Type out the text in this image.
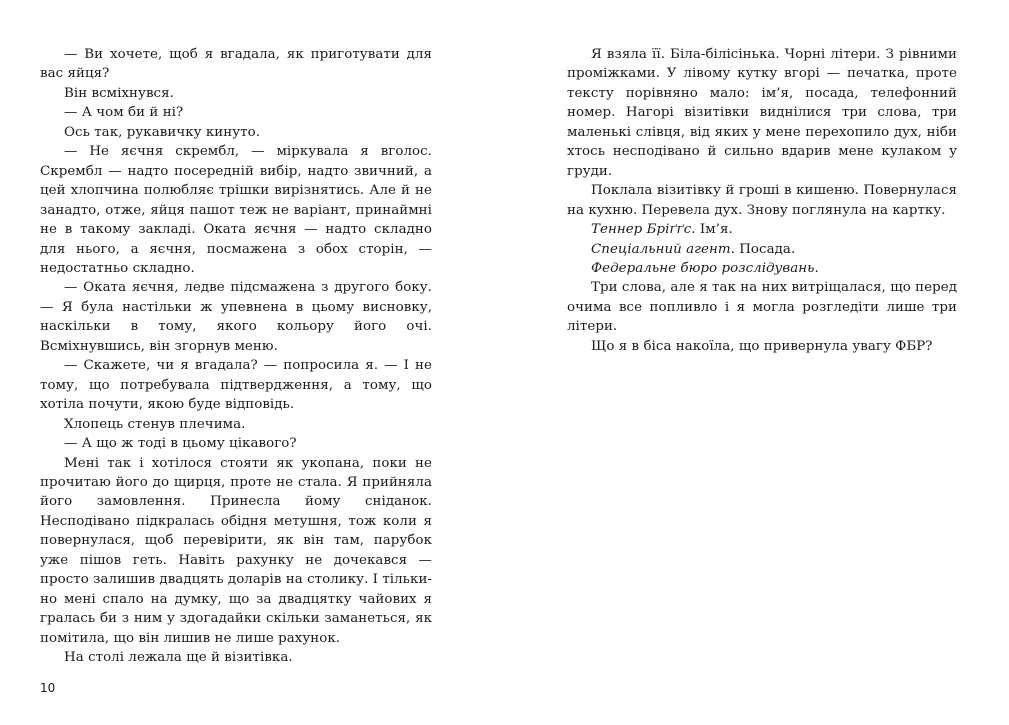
— Ви хочете, щоб я вгадала, як приготувати для вас яйця?

Він всміхнувся.

— А чом би й ні?

Ось так, рукавичку кинуто.

— Не яєчня скрембл, — міркувала я вголос. Скрембл — надто посередній вибір, надто звичний, а цей хлопчина полюбляє трішки вирізнятись. Але й не занадто, отже, яйця пашот теж не варіант, принаймні не в такому закладі. Оката яєчня — надто складно для нього, а яєчня, посмажена з обох сторін, — недостатньо складно.

— Оката яєчня, ледве підсмажена з другого боку. — Я була настільки ж упевнена в цьому висновку, наскільки в тому, якого кольору його очі. Всміхнувшись, він згорнув меню.

— Скажете, чи я вгадала? — попросила я. — І не тому, що потребувала підтвердження, а тому, що хотіла почути, якою буде відповідь.

Хлопець стенув плечима.

— А що ж тоді в цьому цікавого?

Мені так і хотілося стояти як укопана, поки не прочитаю його до щирця, проте не стала. Я прийняла його замовлення. Принесла йому сніданок. Несподівано підкралась обідня метушня, тож коли я повернулася, щоб перевірити, як він там, парубок уже пішов геть. Навіть рахунку не дочекався — просто залишив двадцять доларів на столику. І тільки-но мені спало на думку, що за двадцятку чайових я гралась би з ним у здогадайки скільки заманеться, як помітила, що він лишив не лише рахунок.

На столі лежала ще й візитівка.

Я взяла її. Біла-білісінька. Чорні літери. З рівними проміжками. У лівому кутку вгорі — печатка, проте тексту порівняно мало: ім’я, посада, телефонний номер. Нагорі візитівки виднілися три слова, три маленькі слівця, від яких у мене перехопило дух, ніби хтось несподівано й сильно вдарив мене кулаком у груди.

Поклала візитівку й гроші в кишеню. Повернулася на кухню. Перевела дух. Знову поглянула на картку.

Теннер Бріґґс. Ім’я.

Спеціальний агент. Посада.

Федеральне бюро розслідувань.

Три слова, але я так на них витріщалася, що перед очима все попливло і я могла розгледіти лише три літери.

Що я в біса накоїла, що привернула увагу ФБР?

10
